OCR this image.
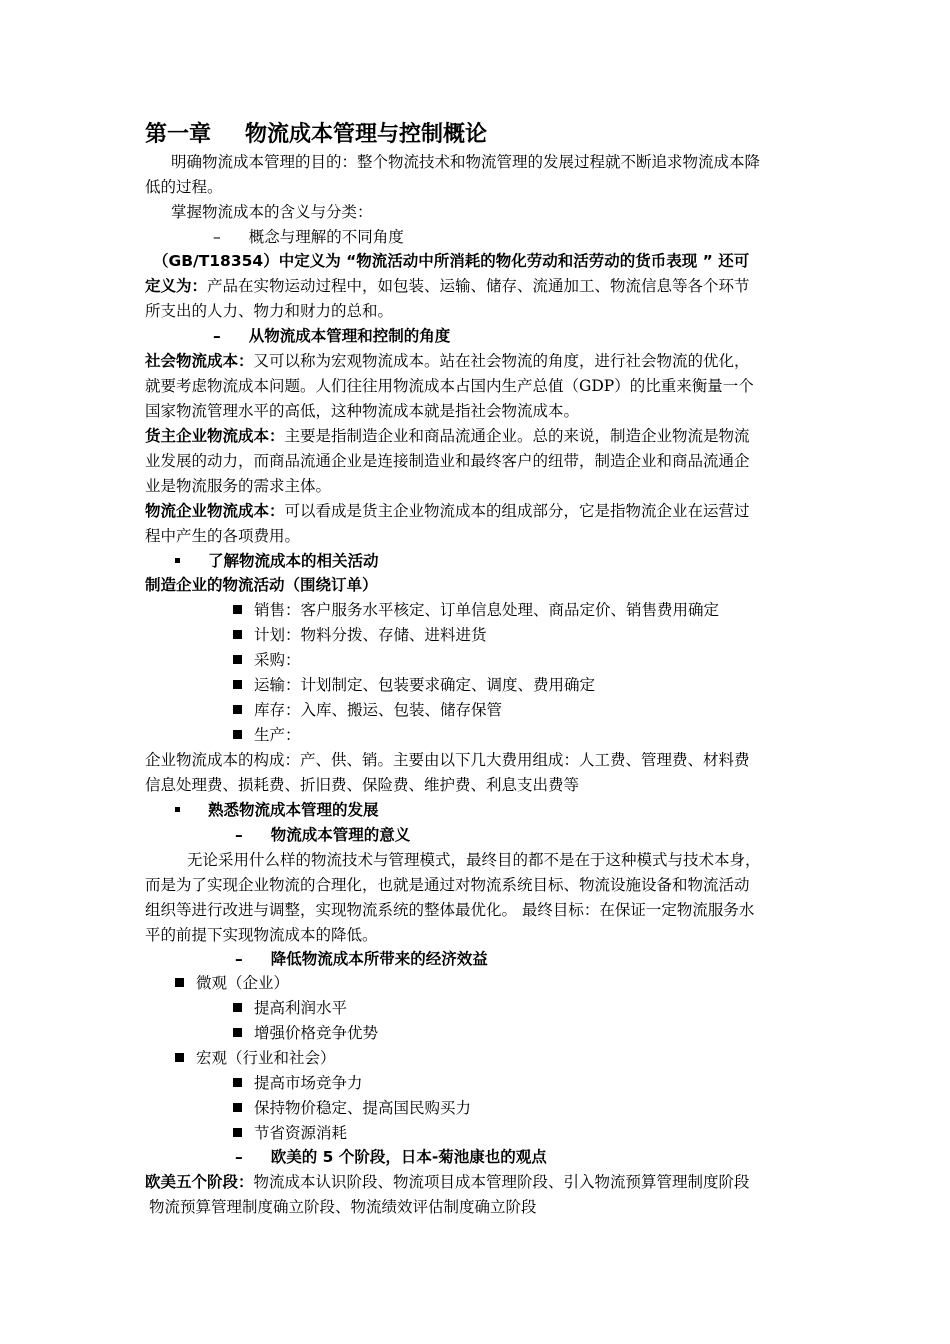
第一章 物流成本管理与控制概论
明确物流成本管理的目的：整个物流技术和物流管理的发展过程就不断追求物流成本降
低的过程。
掌握物流成本的含义与分类：
– 概念与理解的不同角度
（GB/T18354）中定义为 “物流活动中所消耗的物化劳动和活劳动的货币表现 ” 还可
定义为：产品在实物运动过程中，如包装、运输、储存、流通加工、物流信息等各个环节
所支出的人力、物力和财力的总和。
– 从物流成本管理和控制的角度
社会物流成本：又可以称为宏观物流成本。站在社会物流的角度，进行社会物流的优化，
就要考虑物流成本问题。人们往往用物流成本占国内生产总值（GDP）的比重来衡量一个
国家物流管理水平的高低，这种物流成本就是指社会物流成本。
货主企业物流成本：主要是指制造企业和商品流通企业。总的来说，制造企业物流是物流
业发展的动力，而商品流通企业是连接制造业和最终客户的纽带，制造企业和商品流通企
业是物流服务的需求主体。
物流企业物流成本：可以看成是货主企业物流成本的组成部分，它是指物流企业在运营过
程中产生的各项费用。
了解物流成本的相关活动
制造企业的物流活动（围绕订单）
销售：客户服务水平核定、订单信息处理、商品定价、销售费用确定
计划：物料分拨、存储、进料进货
采购：
运输：计划制定、包装要求确定、调度、费用确定
库存：入库、搬运、包装、储存保管
生产：
企业物流成本的构成：产、供、销。主要由以下几大费用组成：人工费、管理费、材料费
信息处理费、损耗费、折旧费、保险费、维护费、利息支出费等
熟悉物流成本管理的发展
– 物流成本管理的意义
无论采用什么样的物流技术与管理模式，最终目的都不是在于这种模式与技术本身，
而是为了实现企业物流的合理化，也就是通过对物流系统目标、物流设施设备和物流活动
组织等进行改进与调整，实现物流系统的整体最优化。 最终目标：在保证一定物流服务水
平的前提下实现物流成本的降低。
– 降低物流成本所带来的经济效益
微观（企业）
提高利润水平
增强价格竞争优势
宏观（行业和社会）
提高市场竞争力
保持物价稳定、提高国民购买力
节省资源消耗
– 欧美的 5 个阶段，日本-菊池康也的观点
欧美五个阶段：物流成本认识阶段、物流项目成本管理阶段、引入物流预算管理制度阶段
物流预算管理制度确立阶段、物流绩效评估制度确立阶段
